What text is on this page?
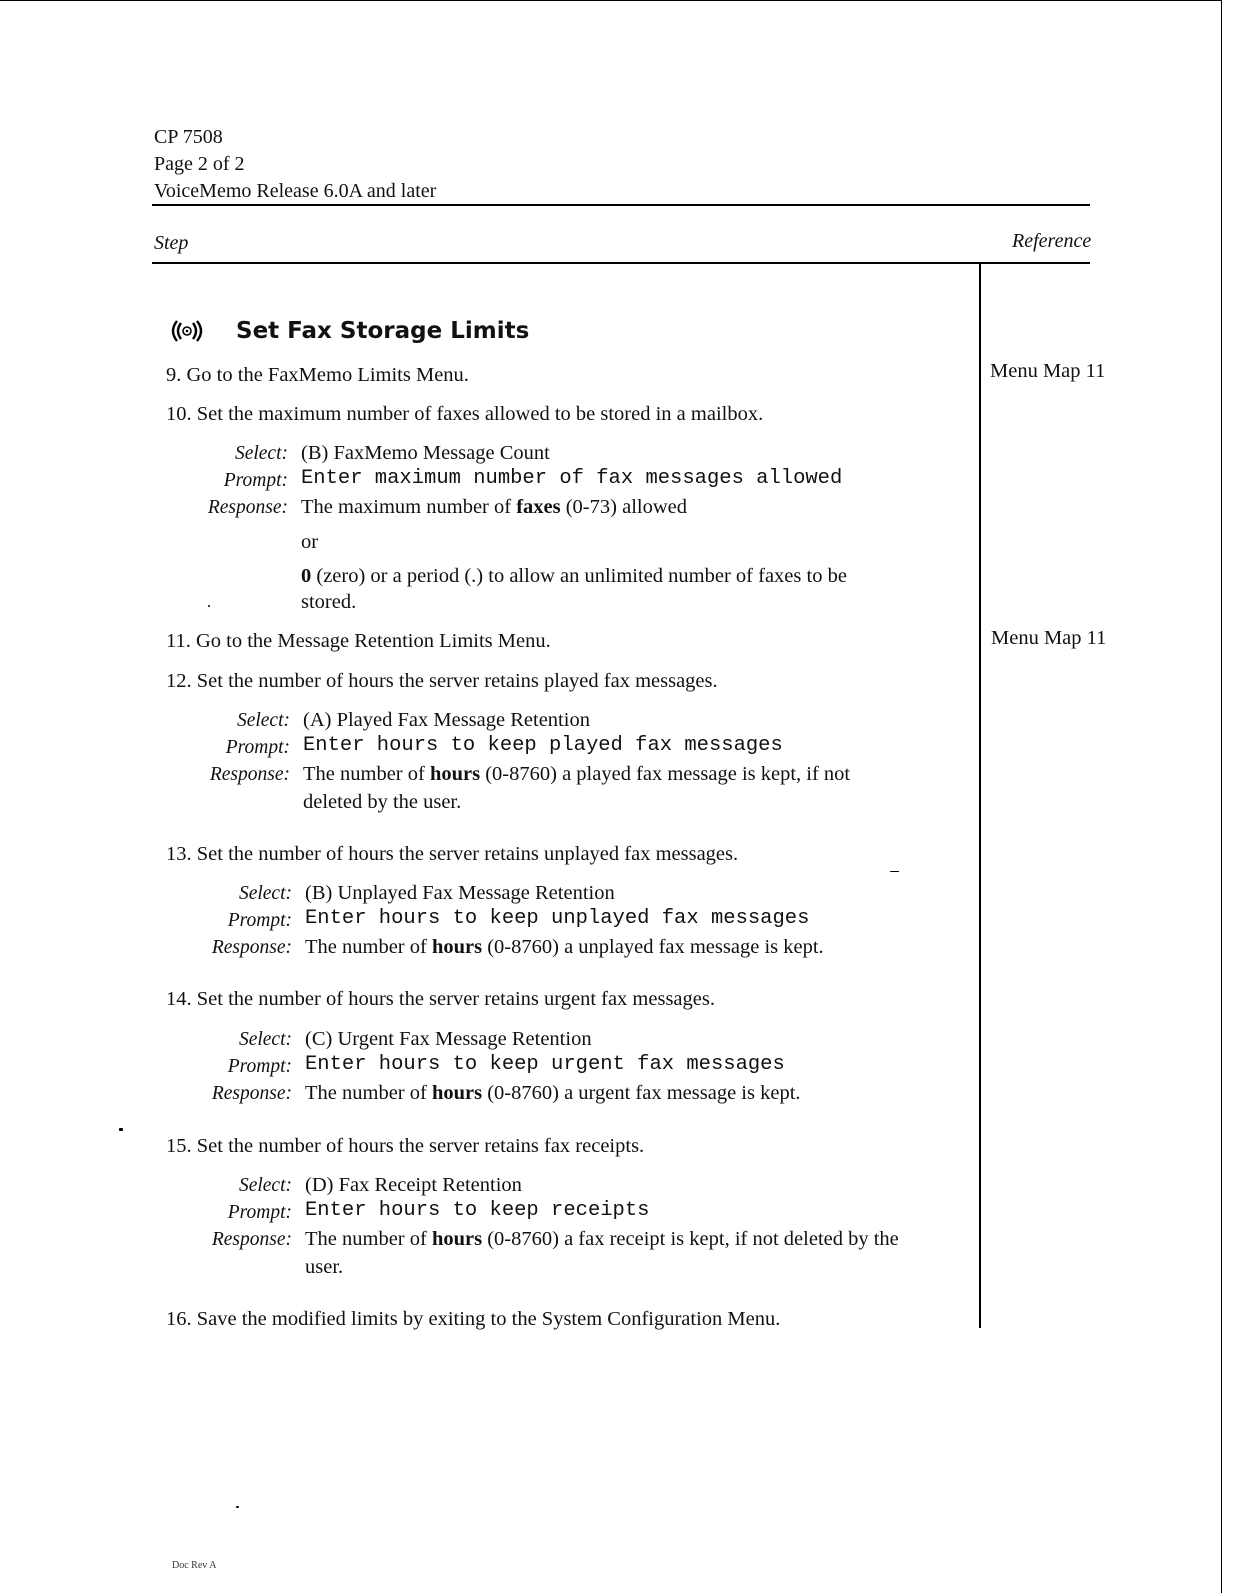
CP 7508
Page 2 of 2
VoiceMemo Release 6.0A and later
Step	Reference
Set Fax Storage Limits
9. Go to the FaxMemo Limits Menu.	Menu Map 11
10. Set the maximum number of faxes allowed to be stored in a mailbox.
Select: (B) FaxMemo Message Count
Prompt: Enter maximum number of fax messages allowed
Response: The maximum number of faxes (0-73) allowed
or
0 (zero) or a period (.) to allow an unlimited number of faxes to be
stored.
11. Go to the Message Retention Limits Menu.	Menu Map 11
12. Set the number of hours the server retains played fax messages.
Select: (A) Played Fax Message Retention
Prompt: Enter hours to keep played fax messages
Response: The number of hours (0-8760) a played fax message is kept, if not
deleted by the user.
13. Set the number of hours the server retains unplayed fax messages.
Select: (B) Unplayed Fax Message Retention
Prompt: Enter hours to keep unplayed fax messages
Response: The number of hours (0-8760) a unplayed fax message is kept.
14. Set the number of hours the server retains urgent fax messages.
Select: (C) Urgent Fax Message Retention
Prompt: Enter hours to keep urgent fax messages
Response: The number of hours (0-8760) a urgent fax message is kept.
15. Set the number of hours the server retains fax receipts.
Select: (D) Fax Receipt Retention
Prompt: Enter hours to keep receipts
Response: The number of hours (0-8760) a fax receipt is kept, if not deleted by the
user.
16. Save the modified limits by exiting to the System Configuration Menu.
Doc Rev A
